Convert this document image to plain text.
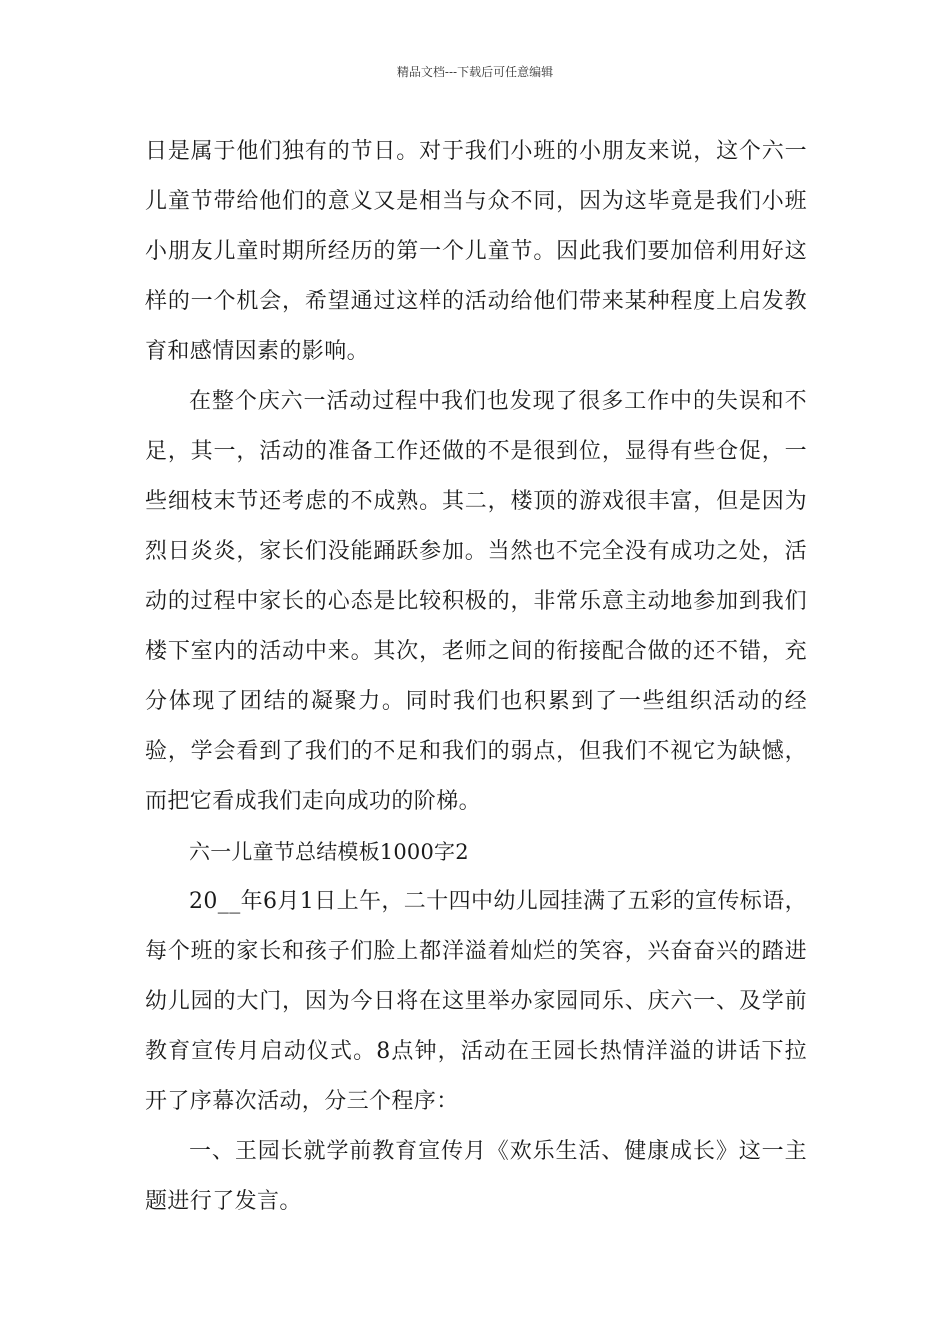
精品文档---下载后可任意编辑

日是属于他们独有的节日。对于我们小班的小朋友来说，这个六一儿童节带给他们的意义又是相当与众不同，因为这毕竟是我们小班小朋友儿童时期所经历的第一个儿童节。因此我们要加倍利用好这样的一个机会，希望通过这样的活动给他们带来某种程度上启发教育和感情因素的影响。

在整个庆六一活动过程中我们也发现了很多工作中的失误和不足，其一，活动的准备工作还做的不是很到位，显得有些仓促，一些细枝末节还考虑的不成熟。其二，楼顶的游戏很丰富，但是因为烈日炎炎，家长们没能踊跃参加。当然也不完全没有成功之处，活动的过程中家长的心态是比较积极的，非常乐意主动地参加到我们楼下室内的活动中来。其次，老师之间的衔接配合做的还不错，充分体现了团结的凝聚力。同时我们也积累到了一些组织活动的经验，学会看到了我们的不足和我们的弱点，但我们不视它为缺憾，而把它看成我们走向成功的阶梯。

六一儿童节总结模板1000字2

20__年6月1日上午，二十四中幼儿园挂满了五彩的宣传标语，每个班的家长和孩子们脸上都洋溢着灿烂的笑容，兴奋奋兴的踏进幼儿园的大门，因为今日将在这里举办家园同乐、庆六一、及学前教育宣传月启动仪式。8点钟，活动在王园长热情洋溢的讲话下拉开了序幕次活动，分三个程序：

一、王园长就学前教育宣传月《欢乐生活、健康成长》这一主题进行了发言。
